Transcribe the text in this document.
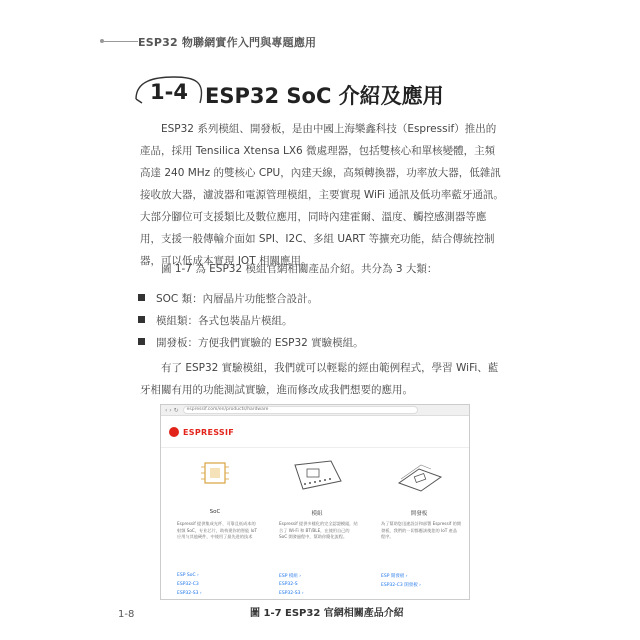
ESP32 物聯網實作入門與專題應用
1-4 ESP32 SoC 介紹及應用
ESP32 系列模組、開發板，是由中國上海樂鑫科技（Espressif）推出的產品，採用 Tensilica Xtensa LX6 微處理器，包括雙核心和單核變體，主頻高達 240 MHz 的雙核心 CPU，內建天線，高頻轉換器，功率放大器，低雜訊接收放大器，濾波器和電源管理模組，主要實現 WiFi 通訊及低功率藍牙通訊。大部分腳位可支援類比及數位應用，同時內建霍爾、溫度、觸控感測器等應用，支援一般傳輸介面如 SPI、I2C、多組 UART 等擴充功能，結合傳統控制器，可以低成本實現 IOT 相關應用。
圖 1-7 為 ESP32 模組官網相關產品介紹。共分為 3 大類：
SOC 類：內層晶片功能整合設計。
模組類：各式包裝晶片模組。
開發板：方便我們實驗的 ESP32 實驗模組。
有了 ESP32 實驗模組，我們就可以輕鬆的經由範例程式，學習 WiFi、藍牙相關有用的功能測試實驗，進而修改成我們想要的應用。
‹ › ↻	espressif.com/en/products/hardware
ESPRESSIF
SoC
Espressif 提供集成光纤、可靠且低成本的射频 SoC，专业芯片，助构建你的智能 IoT 应用与其他硬件，中使用了最先进的技术
ESP SoC ›
ESP32-C3
ESP32-S3 ›
模組
Espressif 提供多樣化的完全認證模組，結合了 Wi-Fi 和 BT/BLE，在使用自己的 SoC 開發過程中，幫助你簡化流程。
ESP 模組 ›
ESP32-S
ESP32-S3 ›
開發板
為了幫助您迅速設計和部署 Espressif 的開發板，我們的一切都應該使您的 IoT 產品程序。
ESP 開發板 ›
ESP32-C3 開發板 ›
圖 1-7 ESP32 官網相關產品介紹
1-8
